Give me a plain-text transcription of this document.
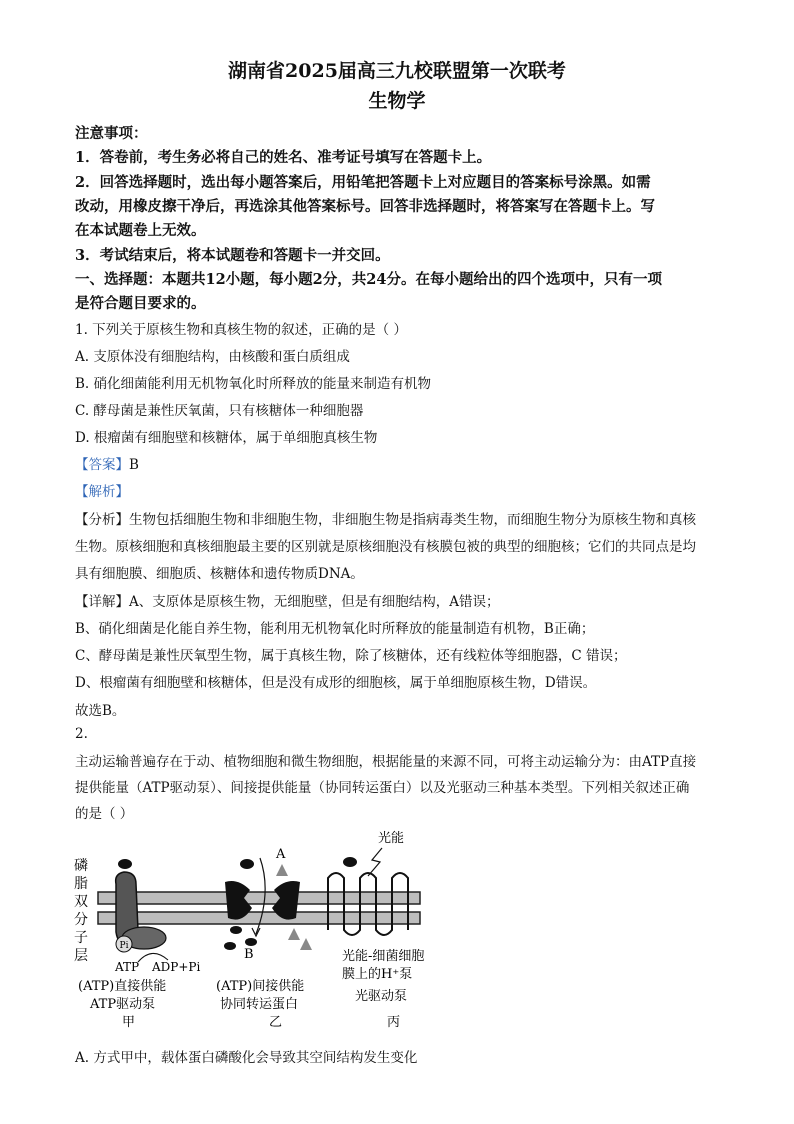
湖南省2025届高三九校联盟第一次联考
生物学
注意事项：
1．答卷前，考生务必将自己的姓名、准考证号填写在答题卡上。
2．回答选择题时，选出每小题答案后，用铅笔把答题卡上对应题目的答案标号涂黑。如需
改动，用橡皮擦干净后，再选涂其他答案标号。回答非选择题时，将答案写在答题卡上。写
在本试题卷上无效。
3．考试结束后，将本试题卷和答题卡一并交回。
一、选择题：本题共12小题，每小题2分，共24分。在每小题给出的四个选项中，只有一项
是符合题目要求的。
1. 下列关于原核生物和真核生物的叙述，正确的是（ ）
A. 支原体没有细胞结构，由核酸和蛋白质组成
B. 硝化细菌能利用无机物氧化时所释放的能量来制造有机物
C. 酵母菌是兼性厌氧菌，只有核糖体一种细胞器
D. 根瘤菌有细胞壁和核糖体，属于单细胞真核生物
【答案】B
【解析】
【分析】生物包括细胞生物和非细胞生物，非细胞生物是指病毒类生物，而细胞生物分为原核生物和真核
生物。原核细胞和真核细胞最主要的区别就是原核细胞没有核膜包被的典型的细胞核；它们的共同点是均
具有细胞膜、细胞质、核糖体和遗传物质DNA。
【详解】A、支原体是原核生物，无细胞壁，但是有细胞结构，A错误；
B、硝化细菌是化能自养生物，能利用无机物氧化时所释放的能量制造有机物，B正确；
C、酵母菌是兼性厌氧型生物，属于真核生物，除了核糖体，还有线粒体等细胞器，C 错误；
D、根瘤菌有细胞壁和核糖体，但是没有成形的细胞核，属于单细胞原核生物，D错误。
故选B。
2.
主动运输普遍存在于动、植物细胞和微生物细胞，根据能量的来源不同，可将主动运输分为：由ATP直接
提供能量（ATP驱动泵）、间接提供能量（协同转运蛋白）以及光驱动三种基本类型。下列相关叙述正确
的是（ ）
磷
脂
双
分
子
层
Pi
ATP ADP+Pi
(ATP)直接供能
ATP驱动泵
甲
A
B
(ATP)间接供能
协同转运蛋白
乙
光能
光能-细菌细胞
膜上的H⁺泵
光驱动泵
丙
A. 方式甲中，载体蛋白磷酸化会导致其空间结构发生变化
